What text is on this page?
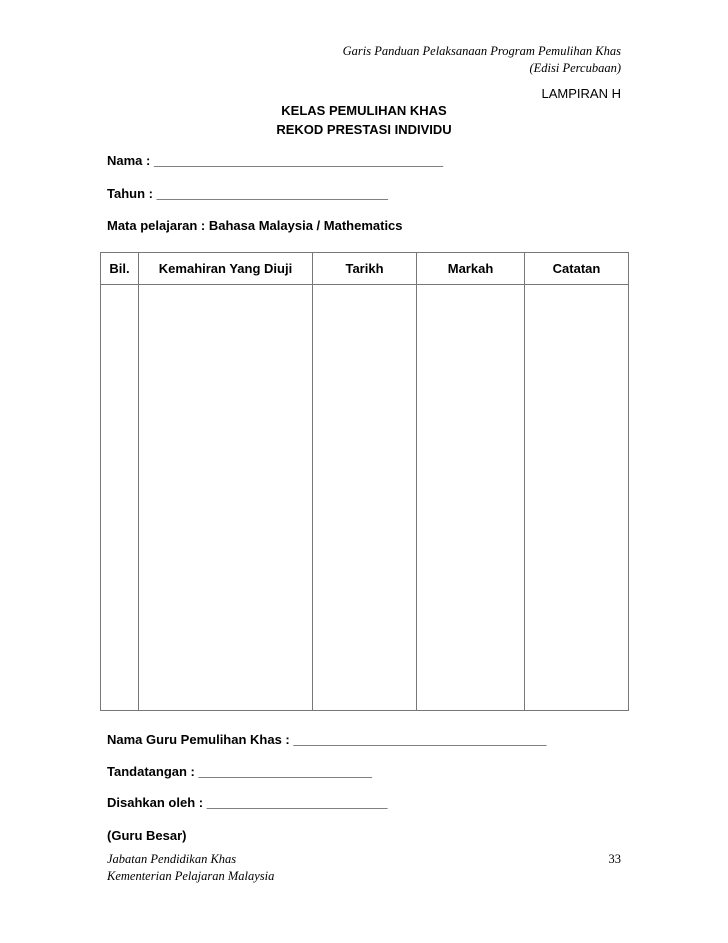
Garis Panduan Pelaksanaan Program Pemulihan Khas
(Edisi Percubaan)
LAMPIRAN H
KELAS PEMULIHAN KHAS
REKOD PRESTASI INDIVIDU
Nama : ________________________________________
Tahun : ________________________________
Mata pelajaran : Bahasa Malaysia / Mathematics
Bil.	Kemahiran Yang Diuji	Tarikh	Markah	Catatan

Nama Guru Pemulihan Khas : ___________________________________
Tandatangan : ________________________
Disahkan oleh : _________________________
(Guru Besar)
Jabatan Pendidikan Khas
Kementerian Pelajaran Malaysia
33
